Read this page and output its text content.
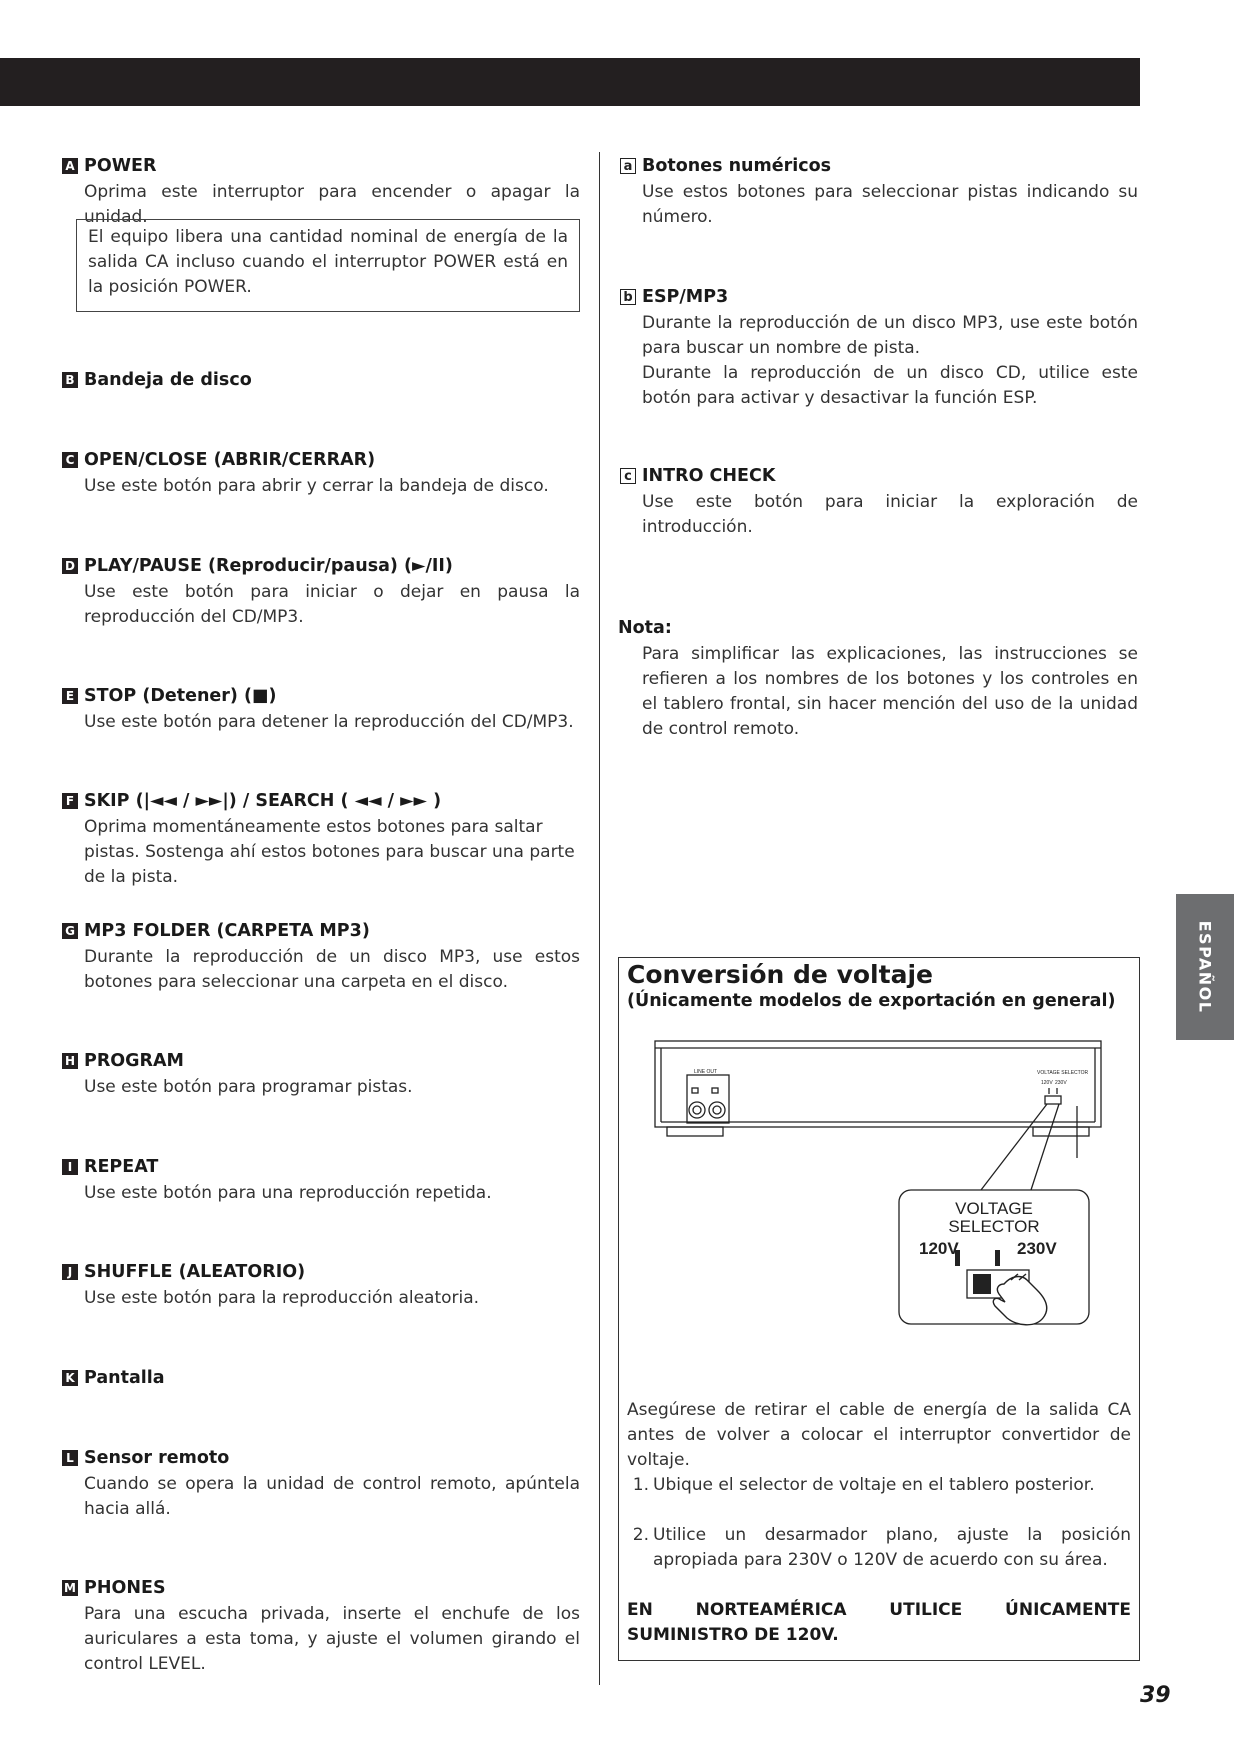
A POWER
Oprima este interruptor para encender o apagar la unidad.
El equipo libera una cantidad nominal de energía de la salida CA incluso cuando el interruptor POWER está en la posición POWER.
B Bandeja de disco
C OPEN/CLOSE (ABRIR/CERRAR)
Use este botón para abrir y cerrar la bandeja de disco.
D PLAY/PAUSE (Reproducir/pausa) (►/II)
Use este botón para iniciar o dejar en pausa la reproducción del CD/MP3.
E STOP (Detener) (■)
Use este botón para detener la reproducción del CD/MP3.
F SKIP (|◄◄ / ►►|) / SEARCH ( ◄◄ / ►► )
Oprima momentáneamente estos botones para saltar pistas. Sostenga ahí estos botones para buscar una parte de la pista.
G MP3 FOLDER (CARPETA MP3)
Durante la reproducción de un disco MP3, use estos botones para seleccionar una carpeta en el disco.
H PROGRAM
Use este botón para programar pistas.
I REPEAT
Use este botón para una reproducción repetida.
J SHUFFLE (ALEATORIO)
Use este botón para la reproducción aleatoria.
K Pantalla
L Sensor remoto
Cuando se opera la unidad de control remoto, apúntela hacia allá.
M PHONES
Para una escucha privada, inserte el enchufe de los auriculares a esta toma, y ajuste el volumen girando el control LEVEL.
a Botones numéricos
Use estos botones para seleccionar pistas indicando su número.
b ESP/MP3
Durante la reproducción de un disco MP3, use este botón para buscar un nombre de pista.
Durante la reproducción de un disco CD, utilice este botón para activar y desactivar la función ESP.
c INTRO CHECK
Use este botón para iniciar la exploración de introducción.
Nota:
Para simplificar las explicaciones, las instrucciones se refieren a los nombres de los botones y los controles en el tablero frontal, sin hacer mención del uso de la unidad de control remoto.
ESPAÑOL
Conversión de voltaje
(Únicamente modelos de exportación en general)
LINE OUT	VOLTAGE SELECTOR
120V 230V
VOLTAGE
SELECTOR
120V	230V
Asegúrese de retirar el cable de energía de la salida CA antes de volver a colocar el interruptor convertidor de voltaje.
1. Ubique el selector de voltaje en el tablero posterior.
2. Utilice un desarmador plano, ajuste la posición apropiada para 230V o 120V de acuerdo con su área.
EN NORTEAMÉRICA UTILICE ÚNICAMENTE SUMINISTRO DE 120V.
39
